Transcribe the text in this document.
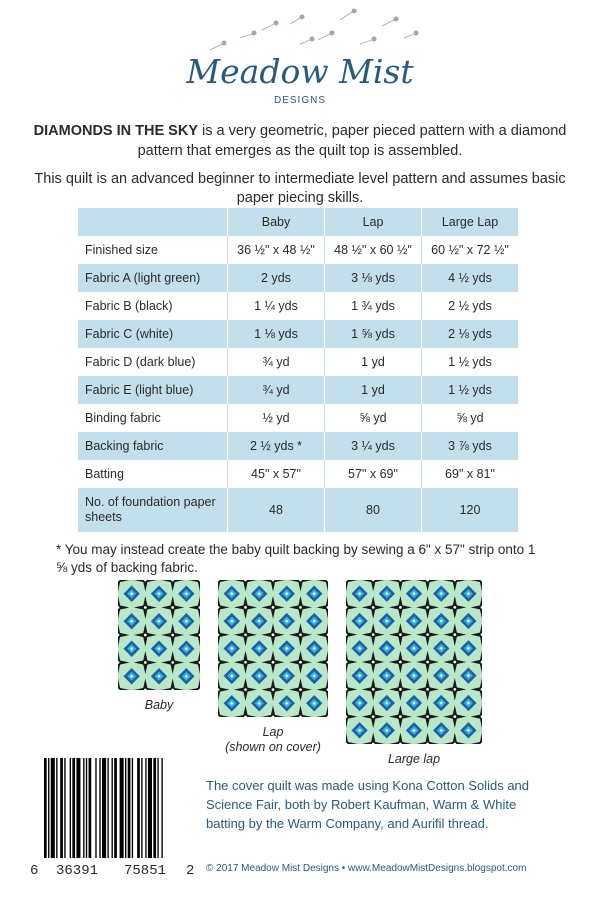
Meadow Mist
DESIGNS
DIAMONDS IN THE SKY is a very geometric, paper pieced pattern with a diamond pattern that emerges as the quilt top is assembled.
This quilt is an advanced beginner to intermediate level pattern and assumes basic paper piecing skills.
	Baby	Lap	Large Lap
Finished size	36 ½" x 48 ½"	48 ½" x 60 ½"	60 ½" x 72 ½"
Fabric A (light green)	2 yds	3 ⅛ yds	4 ½ yds
Fabric B (black)	1 ¼ yds	1 ¾ yds	2 ½ yds
Fabric C (white)	1 ⅛ yds	1 ⅝ yds	2 ⅛ yds
Fabric D (dark blue)	¾ yd	1 yd	1 ½ yds
Fabric E (light blue)	¾ yd	1 yd	1 ½ yds
Binding fabric	½ yd	⅝ yd	⅝ yd
Backing fabric	2 ½ yds *	3 ¼ yds	3 ⅞ yds
Batting	45" x 57"	57" x 69"	69" x 81"
No. of foundation paper sheets	48	80	120
* You may instead create the baby quilt backing by sewing a 6" x 57" strip onto 1 ⅝ yds of backing fabric.
Baby
Lap
(shown on cover)
Large lap
6 36391 75851 2
The cover quilt was made using Kona Cotton Solids and Science Fair, both by Robert Kaufman, Warm & White batting by the Warm Company, and Aurifil thread.
© 2017 Meadow Mist Designs • www.MeadowMistDesigns.blogspot.com
